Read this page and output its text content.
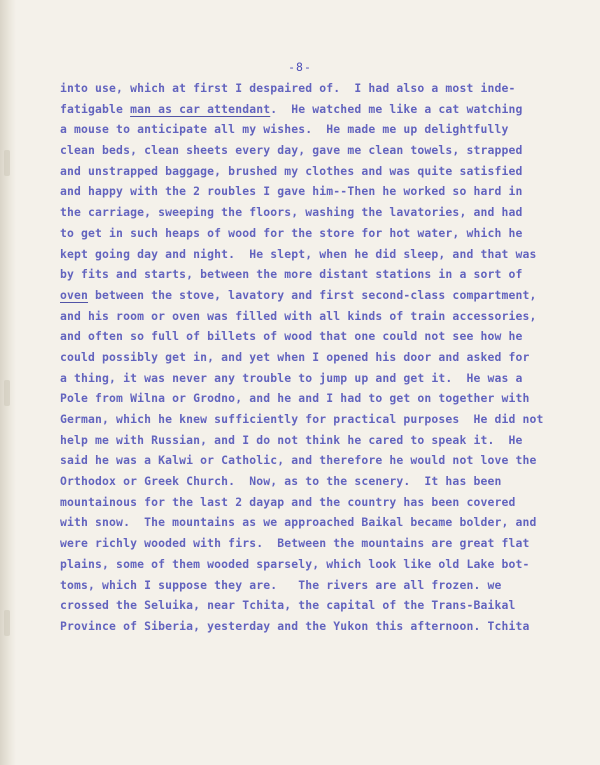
-8-
into use, which at first I despaired of.  I had also a most inde-
fatigable man as car attendant.  He watched me like a cat watching
a mouse to anticipate all my wishes.  He made me up delightfully
clean beds, clean sheets every day, gave me clean towels, strapped
and unstrapped baggage, brushed my clothes and was quite satisfied
and happy with the 2 roubles I gave him--Then he worked so hard in
the carriage, sweeping the floors, washing the lavatories, and had
to get in such heaps of wood for the store for hot water, which he
kept going day and night.  He slept, when he did sleep, and that was
by fits and starts, between the more distant stations in a sort of
oven between the stove, lavatory and first second-class compartment,
and his room or oven was filled with all kinds of train accessories,
and often so full of billets of wood that one could not see how he
could possibly get in, and yet when I opened his door and asked for
a thing, it was never any trouble to jump up and get it.  He was a
Pole from Wilna or Grodno, and he and I had to get on together with
German, which he knew sufficiently for practical purposes  He did not
help me with Russian, and I do not think he cared to speak it.  He
said he was a Kalwi or Catholic, and therefore he would not love the
Orthodox or Greek Church.  Now, as to the scenery.  It has been
mountainous for the last 2 dayap and the country has been covered
with snow.  The mountains as we approached Baikal became bolder, and
were richly wooded with firs.  Between the mountains are great flat
plains, some of them wooded sparsely, which look like old Lake bot-
toms, which I suppose they are.   The rivers are all frozen. we
crossed the Seluika, near Tchita, the capital of the Trans-Baikal
Province of Siberia, yesterday and the Yukon this afternoon. Tchita
